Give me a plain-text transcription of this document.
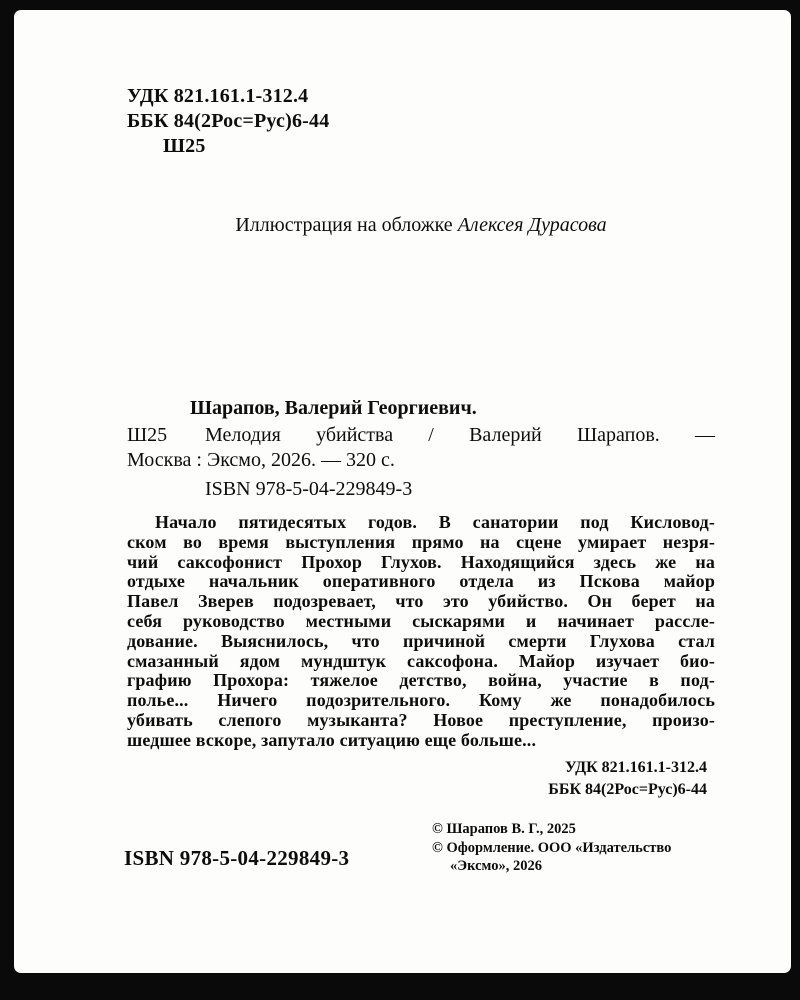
УДК 821.161.1-312.4
ББК 84(2Рос=Рус)6-44
Ш25
Иллюстрация на обложке Алексея Дурасова
Шарапов, Валерий Георгиевич.
Ш25	Мелодия убийства / Валерий Шарапов. —
Москва : Эксмо, 2026. — 320 с.
ISBN 978-5-04-229849-3
Начало пятидесятых годов. В санатории под Кисловод-
ском во время выступления прямо на сцене умирает незря-
чий саксофонист Прохор Глухов. Находящийся здесь же на
отдыхе начальник оперативного отдела из Пскова майор
Павел Зверев подозревает, что это убийство. Он берет на
себя руководство местными сыскарями и начинает рассле-
дование. Выяснилось, что причиной смерти Глухова стал
смазанный ядом мундштук саксофона. Майор изучает био-
графию Прохора: тяжелое детство, война, участие в под-
полье... Ничего подозрительного. Кому же понадобилось
убивать слепого музыканта? Новое преступление, произо-
шедшее вскоре, запутало ситуацию еще больше...
УДК 821.161.1-312.4
ББК 84(2Рос=Рус)6-44
© Шарапов В. Г., 2025
© Оформление. ООО «Издательство
«Эксмо», 2026
ISBN 978-5-04-229849-3
